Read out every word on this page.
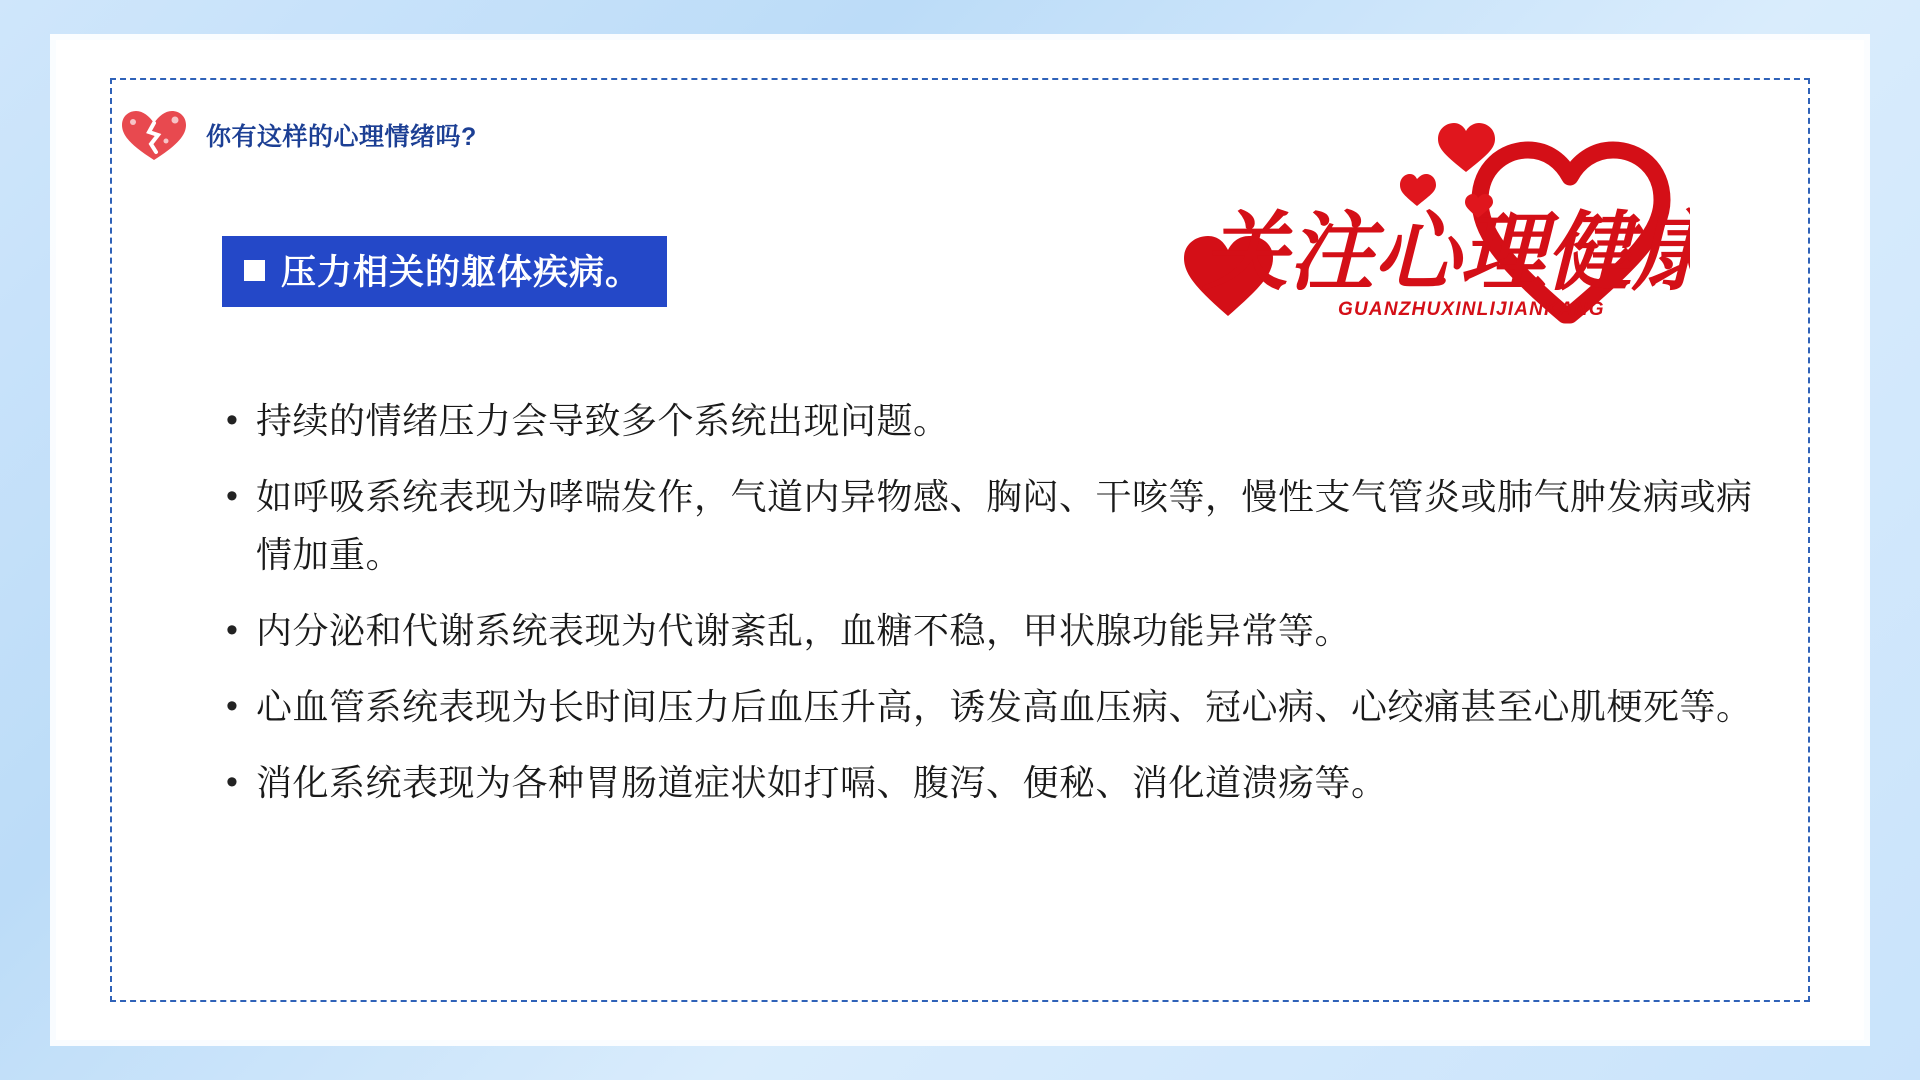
你有这样的心理情绪吗?
压力相关的躯体疾病。	关注心理健康
GUANZHUXINLIJIANKANG
• 持续的情绪压力会导致多个系统出现问题。
• 如呼吸系统表现为哮喘发作，气道内异物感、胸闷、干咳等，慢性支气管炎或肺气肿发病或病情加重。
• 内分泌和代谢系统表现为代谢紊乱，血糖不稳，甲状腺功能异常等。
• 心血管系统表现为长时间压力后血压升高，诱发高血压病、冠心病、心绞痛甚至心肌梗死等。
• 消化系统表现为各种胃肠道症状如打嗝、腹泻、便秘、消化道溃疡等。
